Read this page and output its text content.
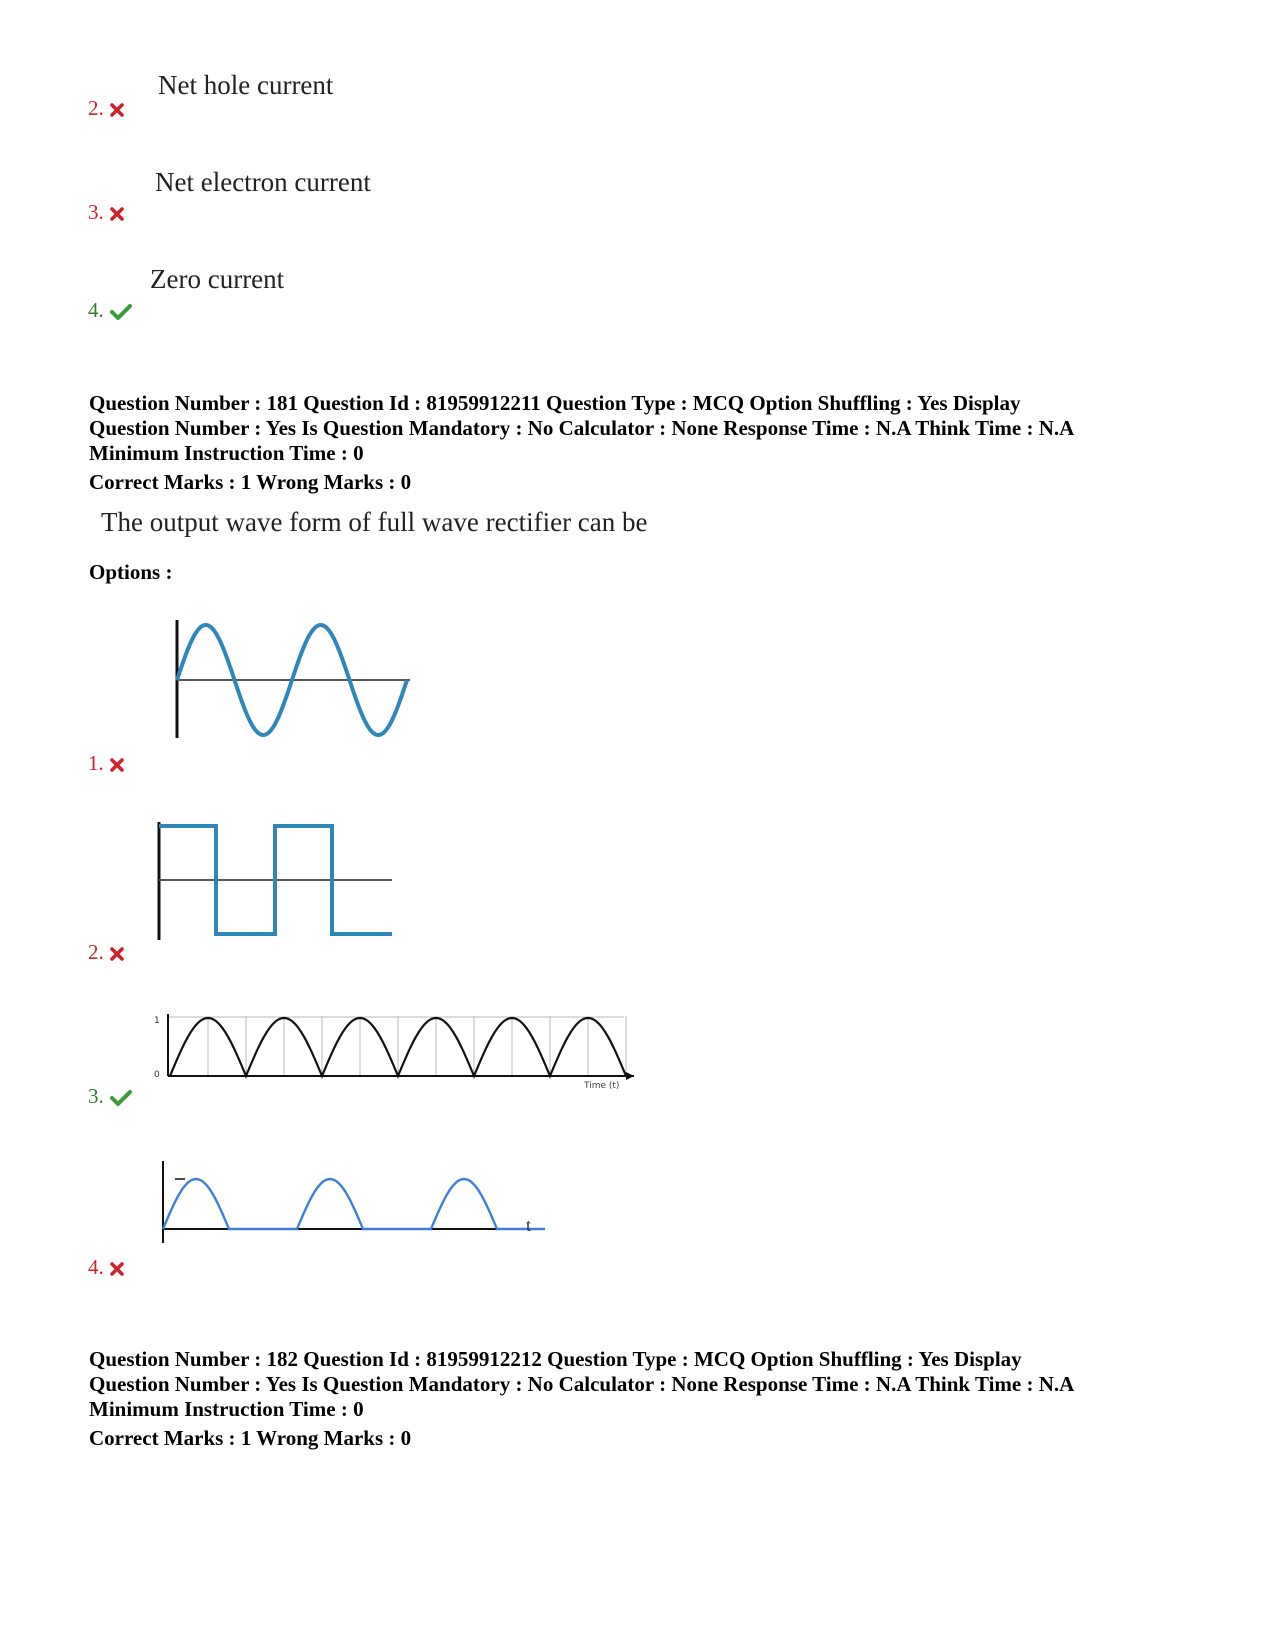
Net hole current
2.
Net electron current
3.
Zero current
4.
Question Number : 181 Question Id : 81959912211 Question Type : MCQ Option Shuffling : Yes Display
Question Number : Yes Is Question Mandatory : No Calculator : None Response Time : N.A Think Time : N.A
Minimum Instruction Time : 0
Correct Marks : 1 Wrong Marks : 0
The output wave form of full wave rectifier can be
Options :
1.
2.
1
0
Time (t)
3.
t
4.
Question Number : 182 Question Id : 81959912212 Question Type : MCQ Option Shuffling : Yes Display
Question Number : Yes Is Question Mandatory : No Calculator : None Response Time : N.A Think Time : N.A
Minimum Instruction Time : 0
Correct Marks : 1 Wrong Marks : 0
